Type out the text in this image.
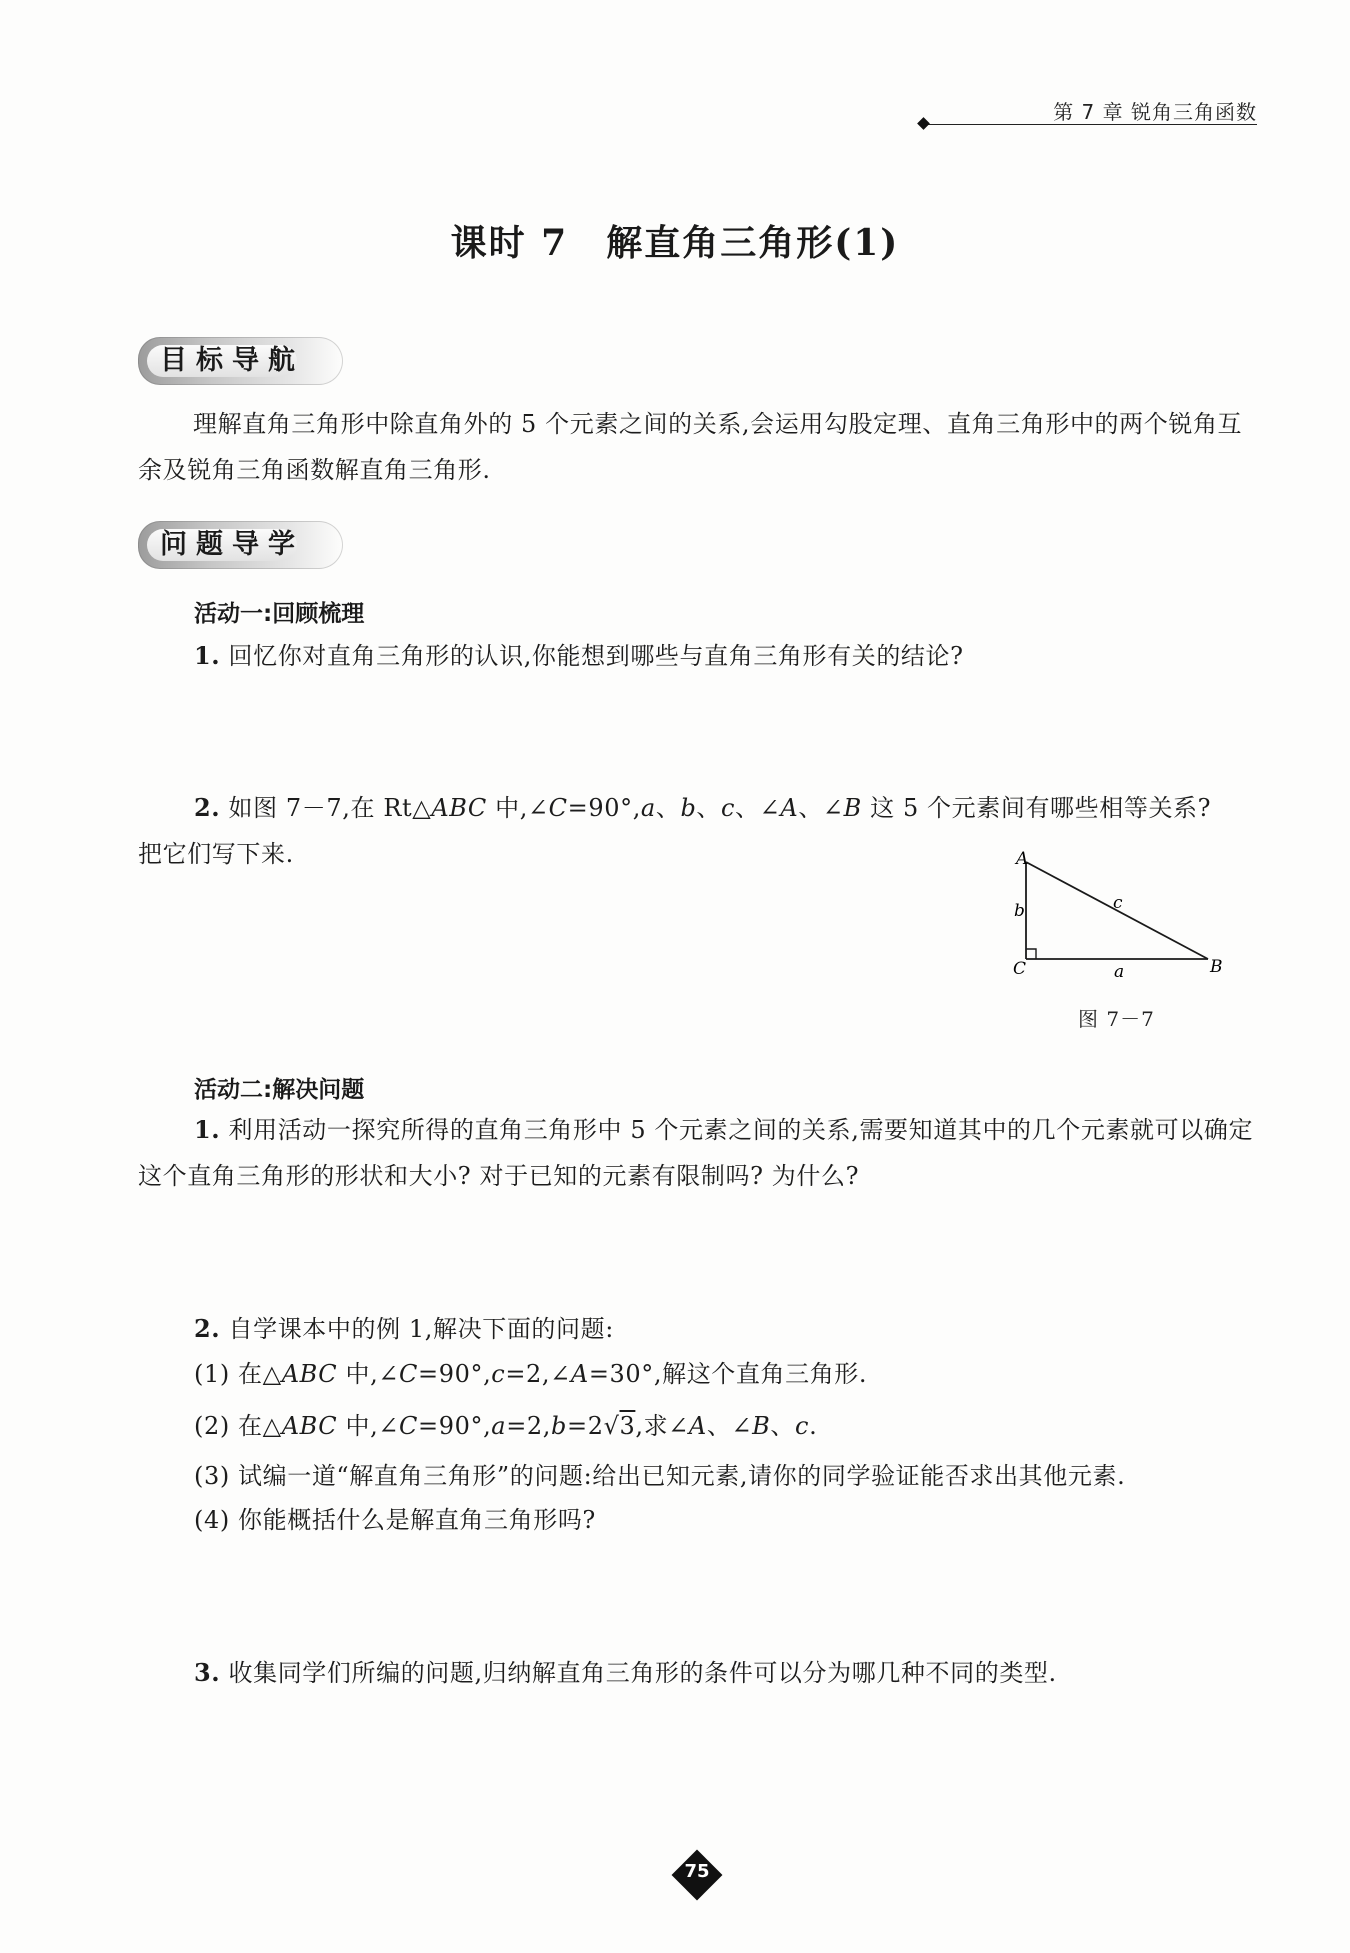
第 7 章 锐角三角函数
课时 7　解直角三角形(1)
目标导航
理解直角三角形中除直角外的 5 个元素之间的关系,会运用勾股定理、直角三角形中的两个锐角互余及锐角三角函数解直角三角形.
问题导学
活动一:回顾梳理
1. 回忆你对直角三角形的认识,你能想到哪些与直角三角形有关的结论?
2. 如图 7－7,在 Rt△ABC 中,∠C=90°,a、b、c、∠A、∠B 这 5 个元素间有哪些相等关系?
把它们写下来.	A
C	B
a
b	c
图 7－7
活动二:解决问题
1. 利用活动一探究所得的直角三角形中 5 个元素之间的关系,需要知道其中的几个元素就可以确定这个直角三角形的形状和大小? 对于已知的元素有限制吗? 为什么?
2. 自学课本中的例 1,解决下面的问题:
(1) 在△ABC 中,∠C=90°,c=2,∠A=30°,解这个直角三角形.
(2) 在△ABC 中,∠C=90°,a=2,b=2√3,求∠A、∠B、c.
(3) 试编一道“解直角三角形”的问题:给出已知元素,请你的同学验证能否求出其他元素.
(4) 你能概括什么是解直角三角形吗?
3. 收集同学们所编的问题,归纳解直角三角形的条件可以分为哪几种不同的类型.
75
